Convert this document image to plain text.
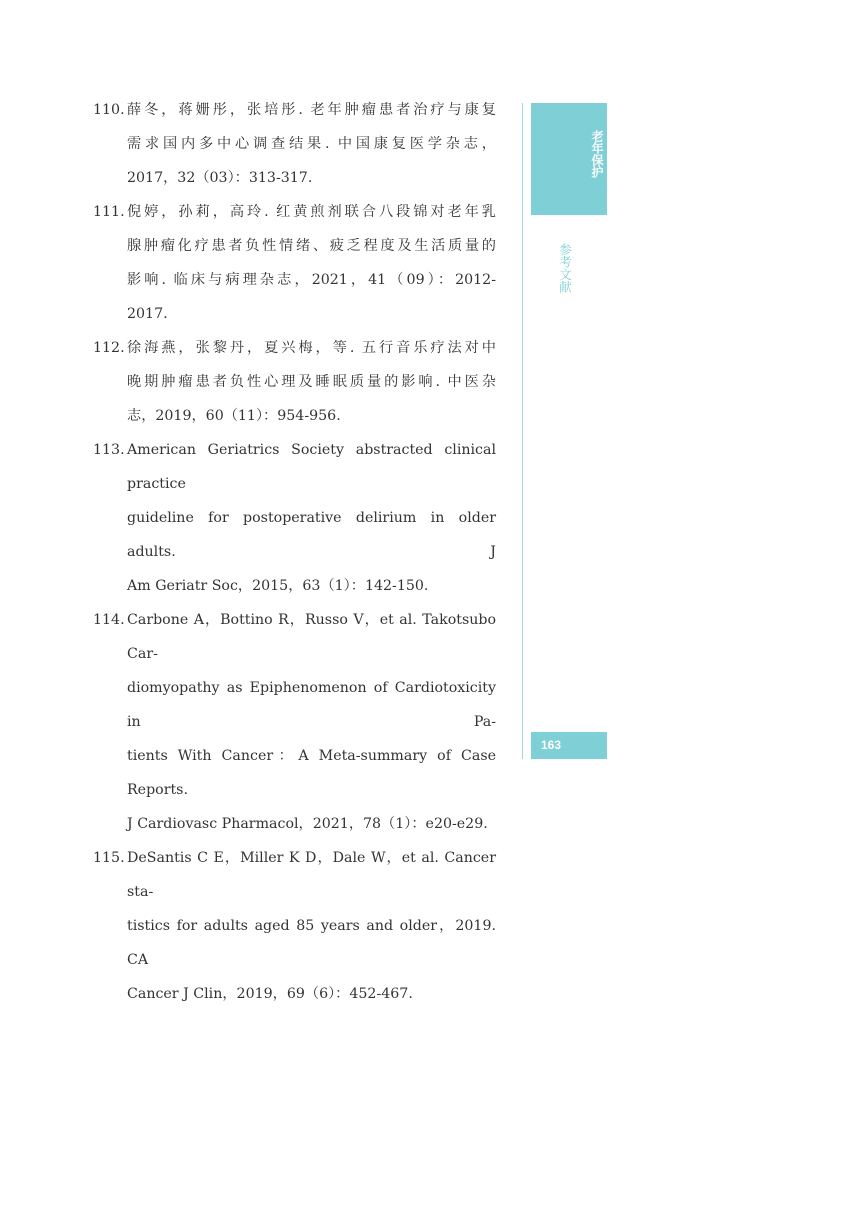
110. 薛冬，蒋姗彤，张培彤. 老年肿瘤患者治疗与康复
需求国内多中心调查结果. 中国康复医学杂志，
2017，32（03）：313-317.
111. 倪婷，孙莉，高玲. 红黄煎剂联合八段锦对老年乳
腺肿瘤化疗患者负性情绪、疲乏程度及生活质量的
影响. 临床与病理杂志，2021，41（09）：2012-
2017.
112. 徐海燕，张黎丹，夏兴梅，等. 五行音乐疗法对中
晚期肿瘤患者负性心理及睡眠质量的影响. 中医杂
志，2019，60（11）：954-956.
113. American Geriatrics Society abstracted clinical practice
guideline for postoperative delirium in older adults. J
Am Geriatr Soc，2015，63（1）：142-150.
114. Carbone A，Bottino R，Russo V，et al. Takotsubo Car-
diomyopathy as Epiphenomenon of Cardiotoxicity in Pa-
tients With Cancer：A Meta-summary of Case Reports.
J Cardiovasc Pharmacol，2021，78（1）：e20-e29.
115. DeSantis C E，Miller K D，Dale W，et al. Cancer sta-
tistics for adults aged 85 years and older，2019. CA
Cancer J Clin，2019，69（6）：452-467.
老年保护
参考文献
163
